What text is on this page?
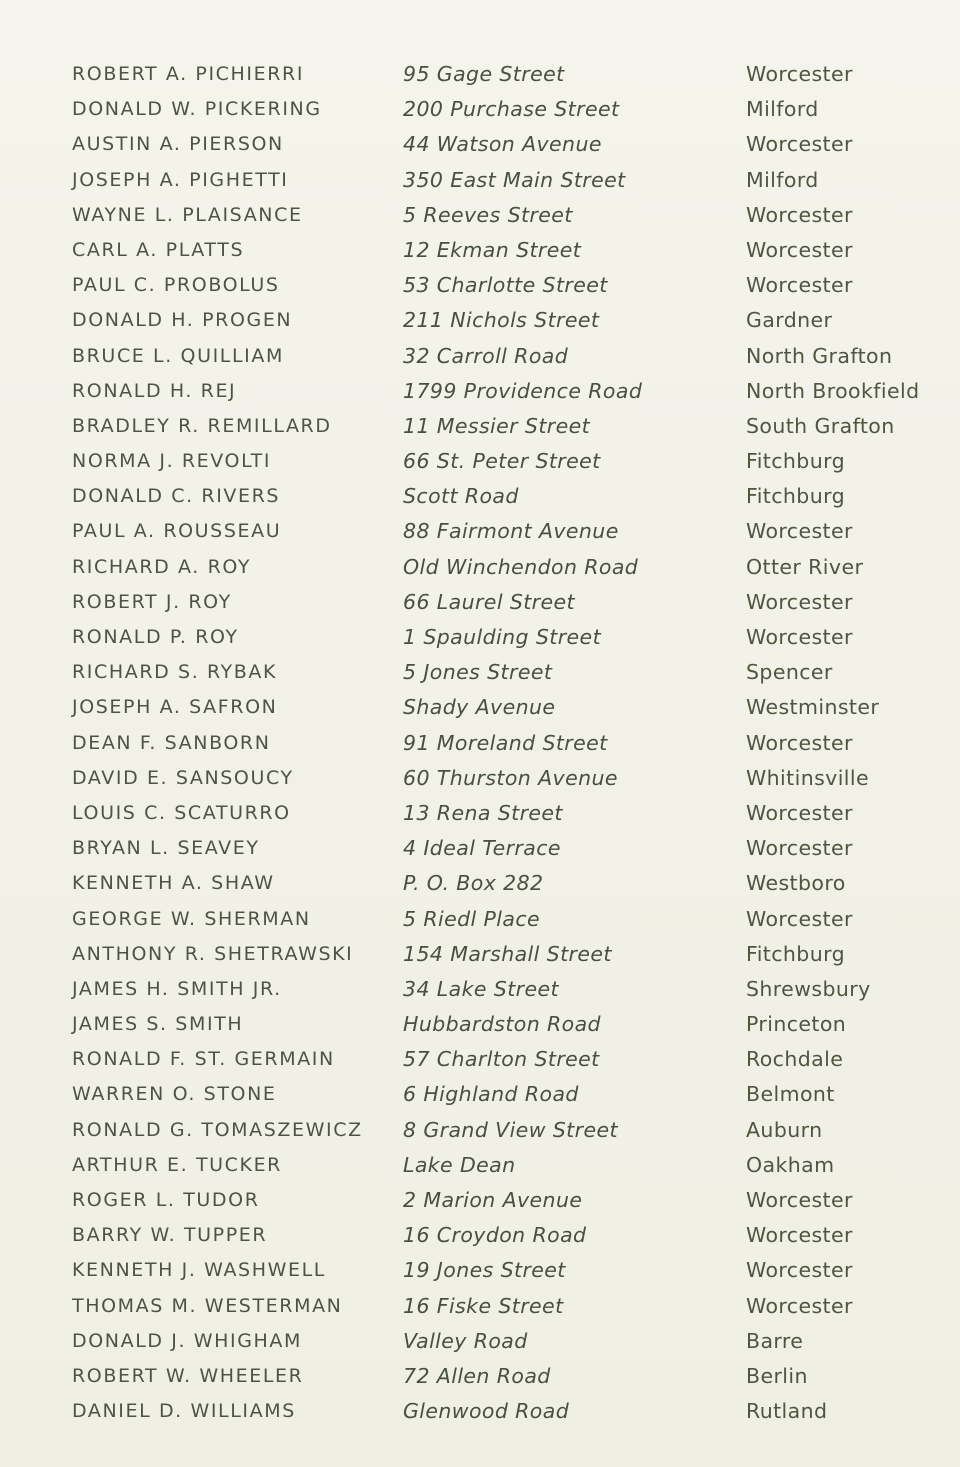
ROBERT A. PICHIERRI	95 Gage Street	Worcester
DONALD W. PICKERING	200 Purchase Street	Milford
AUSTIN A. PIERSON	44 Watson Avenue	Worcester
JOSEPH A. PIGHETTI	350 East Main Street	Milford
WAYNE L. PLAISANCE	5 Reeves Street	Worcester
CARL A. PLATTS	12 Ekman Street	Worcester
PAUL C. PROBOLUS	53 Charlotte Street	Worcester
DONALD H. PROGEN	211 Nichols Street	Gardner
BRUCE L. QUILLIAM	32 Carroll Road	North Grafton
RONALD H. REJ	1799 Providence Road	North Brookfield
BRADLEY R. REMILLARD	11 Messier Street	South Grafton
NORMA J. REVOLTI	66 St. Peter Street	Fitchburg
DONALD C. RIVERS	Scott Road	Fitchburg
PAUL A. ROUSSEAU	88 Fairmont Avenue	Worcester
RICHARD A. ROY	Old Winchendon Road	Otter River
ROBERT J. ROY	66 Laurel Street	Worcester
RONALD P. ROY	1 Spaulding Street	Worcester
RICHARD S. RYBAK	5 Jones Street	Spencer
JOSEPH A. SAFRON	Shady Avenue	Westminster
DEAN F. SANBORN	91 Moreland Street	Worcester
DAVID E. SANSOUCY	60 Thurston Avenue	Whitinsville
LOUIS C. SCATURRO	13 Rena Street	Worcester
BRYAN L. SEAVEY	4 Ideal Terrace	Worcester
KENNETH A. SHAW	P. O. Box 282	Westboro
GEORGE W. SHERMAN	5 Riedl Place	Worcester
ANTHONY R. SHETRAWSKI	154 Marshall Street	Fitchburg
JAMES H. SMITH JR.	34 Lake Street	Shrewsbury
JAMES S. SMITH	Hubbardston Road	Princeton
RONALD F. ST. GERMAIN	57 Charlton Street	Rochdale
WARREN O. STONE	6 Highland Road	Belmont
RONALD G. TOMASZEWICZ	8 Grand View Street	Auburn
ARTHUR E. TUCKER	Lake Dean	Oakham
ROGER L. TUDOR	2 Marion Avenue	Worcester
BARRY W. TUPPER	16 Croydon Road	Worcester
KENNETH J. WASHWELL	19 Jones Street	Worcester
THOMAS M. WESTERMAN	16 Fiske Street	Worcester
DONALD J. WHIGHAM	Valley Road	Barre
ROBERT W. WHEELER	72 Allen Road	Berlin
DANIEL D. WILLIAMS	Glenwood Road	Rutland
